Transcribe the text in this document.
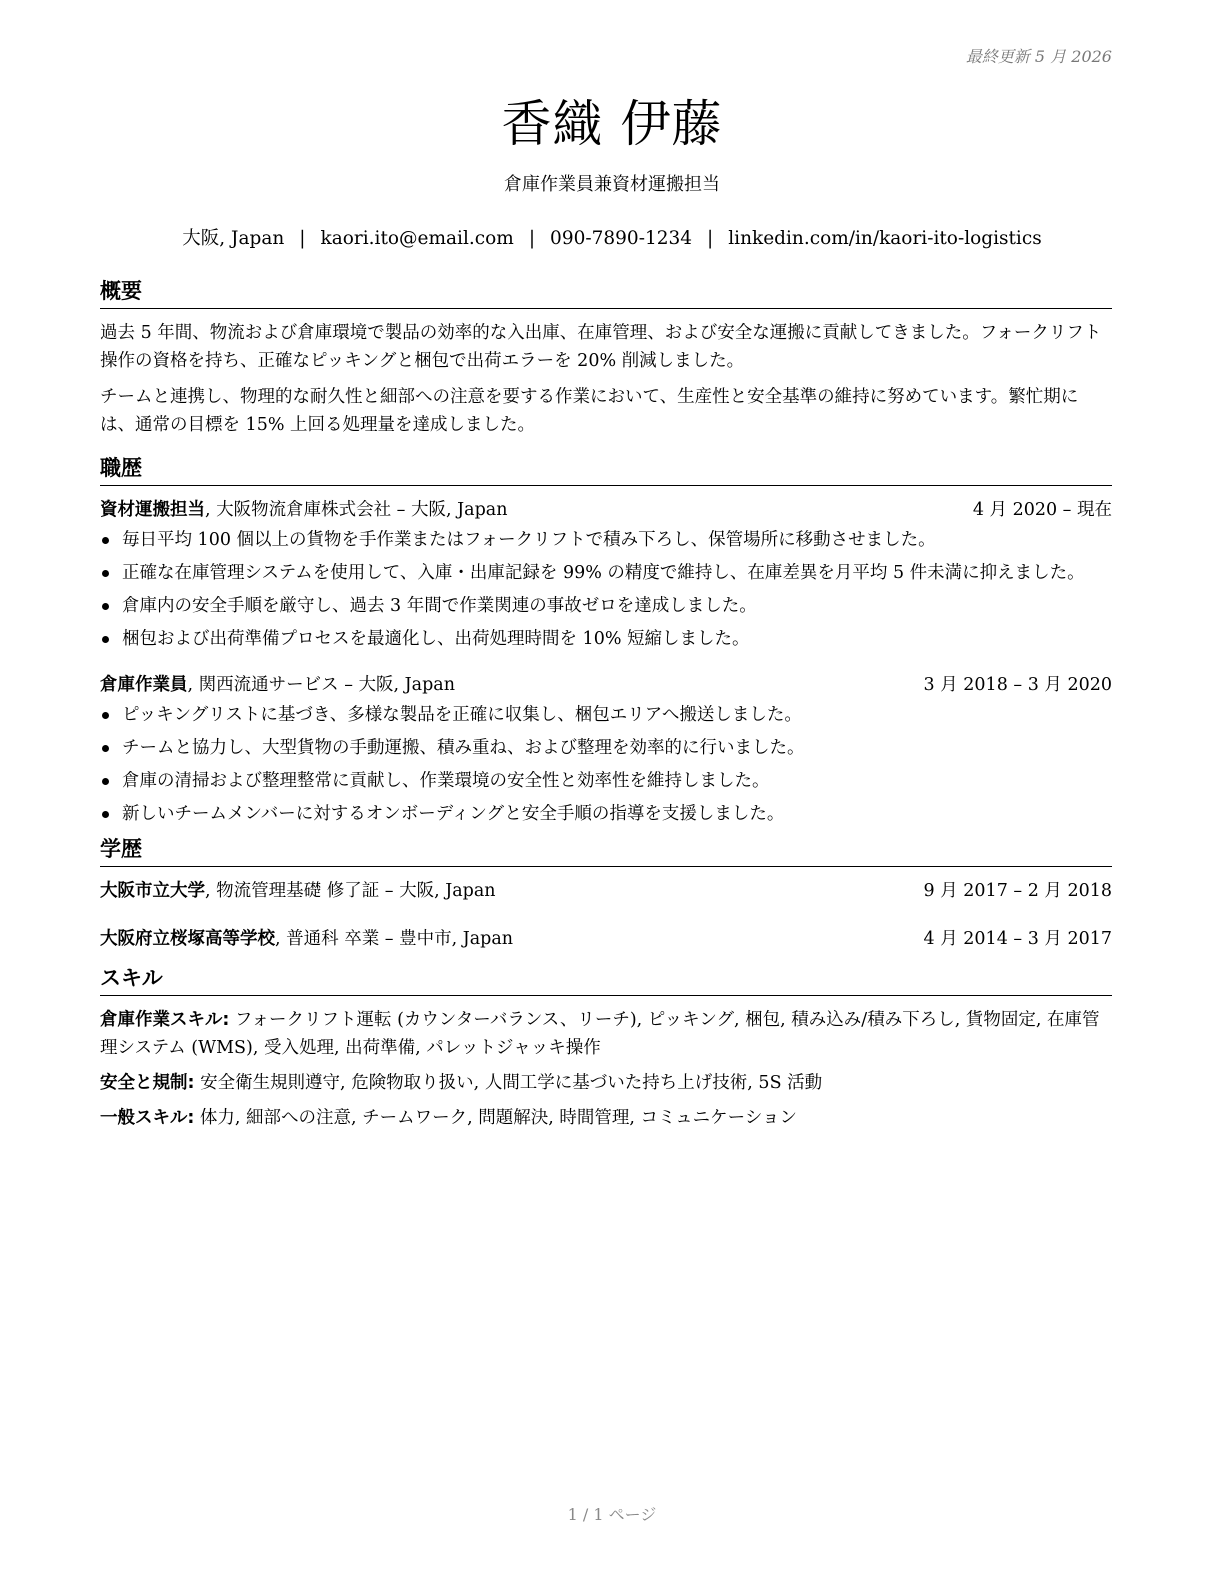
最終更新 5 月 2026
香織 伊藤
倉庫作業員兼資材運搬担当
大阪, Japan | kaori.ito@email.com | 090-7890-1234 | linkedin.com/in/kaori-ito-logistics
概要

過去 5 年間、物流および倉庫環境で製品の効率的な入出庫、在庫管理、および安全な運搬に貢献してきました。フォークリフト操作の資格を持ち、正確なピッキングと梱包で出荷エラーを 20% 削減しました。

チームと連携し、物理的な耐久性と細部への注意を要する作業において、生産性と安全基準の維持に努めています。繁忙期には、通常の目標を 15% 上回る処理量を達成しました。

職歴
資材運搬担当, 大阪物流倉庫株式会社 – 大阪, Japan	4 月 2020 – 現在
毎日平均 100 個以上の貨物を手作業またはフォークリフトで積み下ろし、保管場所に移動させました。
正確な在庫管理システムを使用して、入庫・出庫記録を 99% の精度で維持し、在庫差異を月平均 5 件未満に抑えました。
倉庫内の安全手順を厳守し、過去 3 年間で作業関連の事故ゼロを達成しました。
梱包および出荷準備プロセスを最適化し、出荷処理時間を 10% 短縮しました。
倉庫作業員, 関西流通サービス – 大阪, Japan	3 月 2018 – 3 月 2020
ピッキングリストに基づき、多様な製品を正確に収集し、梱包エリアへ搬送しました。
チームと協力し、大型貨物の手動運搬、積み重ね、および整理を効率的に行いました。
倉庫の清掃および整理整常に貢献し、作業環境の安全性と効率性を維持しました。
新しいチームメンバーに対するオンボーディングと安全手順の指導を支援しました。
学歴
大阪市立大学, 物流管理基礎 修了証 – 大阪, Japan	9 月 2017 – 2 月 2018
大阪府立桜塚高等学校, 普通科 卒業 – 豊中市, Japan	4 月 2014 – 3 月 2017
スキル
倉庫作業スキル: フォークリフト運転 (カウンターバランス、リーチ), ピッキング, 梱包, 積み込み/積み下ろし, 貨物固定, 在庫管理システム (WMS), 受入処理, 出荷準備, パレットジャッキ操作
安全と規制: 安全衛生規則遵守, 危険物取り扱い, 人間工学に基づいた持ち上げ技術, 5S 活動
一般スキル: 体力, 細部への注意, チームワーク, 問題解決, 時間管理, コミュニケーション
1 / 1 ページ
